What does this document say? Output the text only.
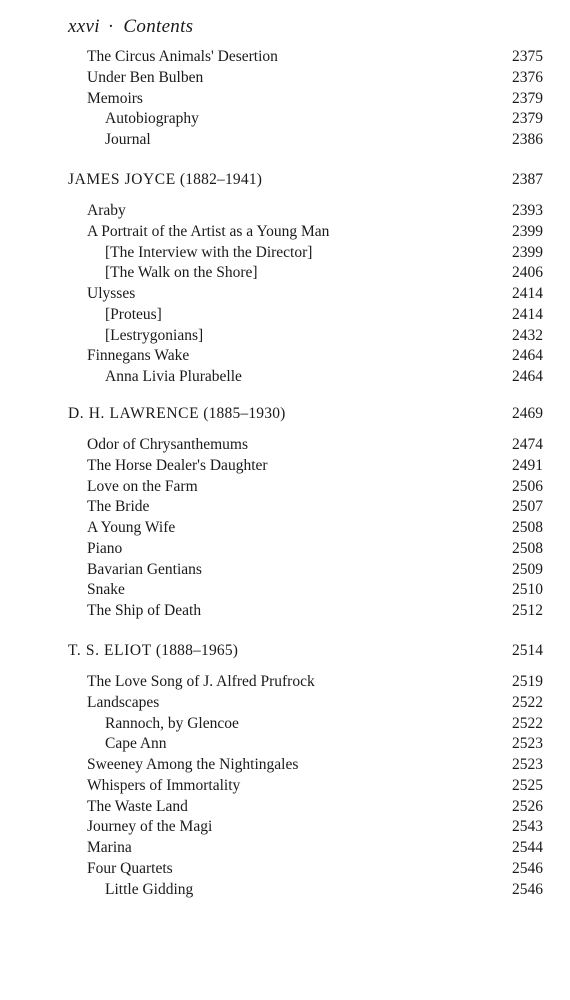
xxvi · Contents
The Circus Animals' Desertion	2375
Under Ben Bulben	2376
Memoirs	2379
Autobiography	2379
Journal	2386
JAMES JOYCE (1882–1941)	2387
Araby	2393
A Portrait of the Artist as a Young Man	2399
[The Interview with the Director]	2399
[The Walk on the Shore]	2406
Ulysses	2414
[Proteus]	2414
[Lestrygonians]	2432
Finnegans Wake	2464
Anna Livia Plurabelle	2464
D. H. LAWRENCE (1885–1930)	2469
Odor of Chrysanthemums	2474
The Horse Dealer's Daughter	2491
Love on the Farm	2506
The Bride	2507
A Young Wife	2508
Piano	2508
Bavarian Gentians	2509
Snake	2510
The Ship of Death	2512
T. S. ELIOT (1888–1965)	2514
The Love Song of J. Alfred Prufrock	2519
Landscapes	2522
Rannoch, by Glencoe	2522
Cape Ann	2523
Sweeney Among the Nightingales	2523
Whispers of Immortality	2525
The Waste Land	2526
Journey of the Magi	2543
Marina	2544
Four Quartets	2546
Little Gidding	2546
